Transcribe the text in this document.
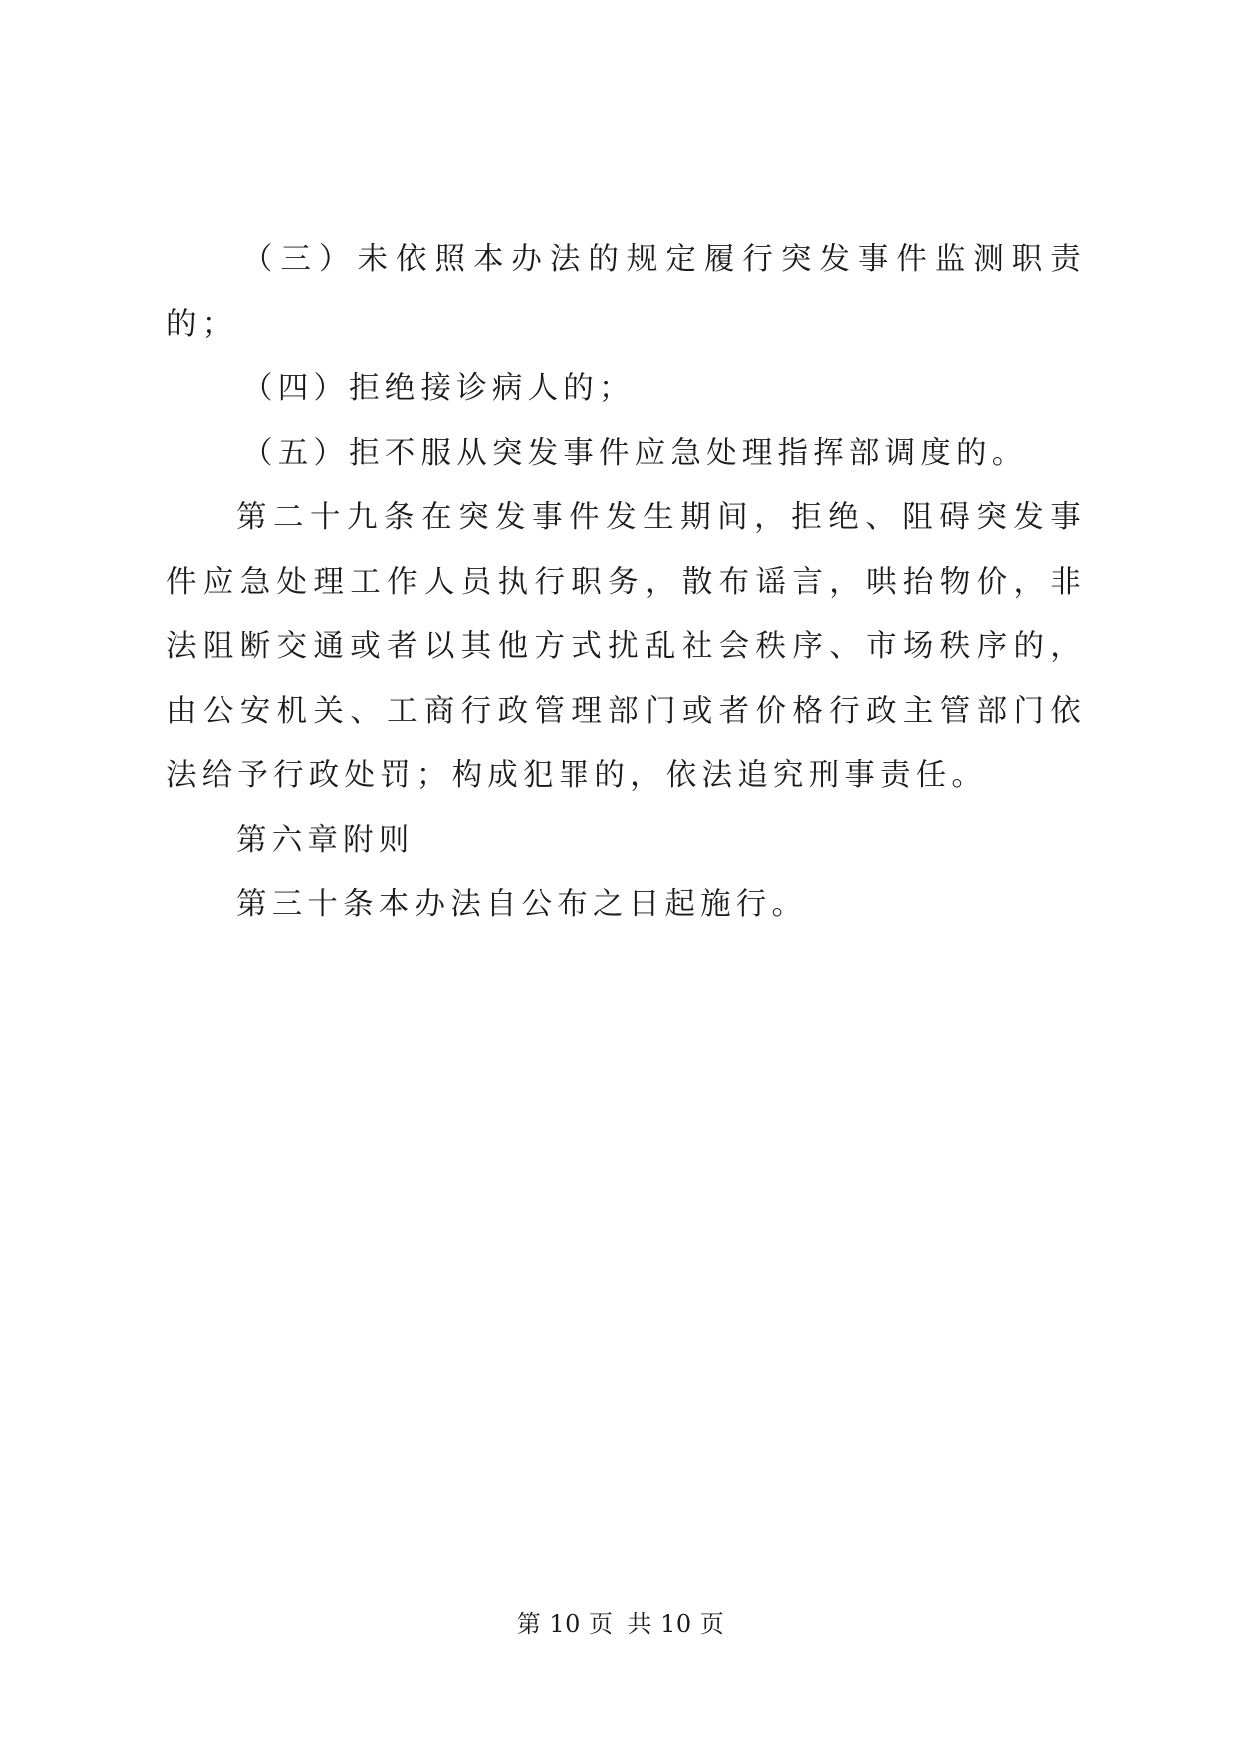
（三）未依照本办法的规定履行突发事件监测职责的；

（四）拒绝接诊病人的；

（五）拒不服从突发事件应急处理指挥部调度的。

第二十九条在突发事件发生期间，拒绝、阻碍突发事件应急处理工作人员执行职务，散布谣言，哄抬物价，非法阻断交通或者以其他方式扰乱社会秩序、市场秩序的，由公安机关、工商行政管理部门或者价格行政主管部门依法给予行政处罚；构成犯罪的，依法追究刑事责任。

第六章附则

第三十条本办法自公布之日起施行。

第 10 页 共 10 页
